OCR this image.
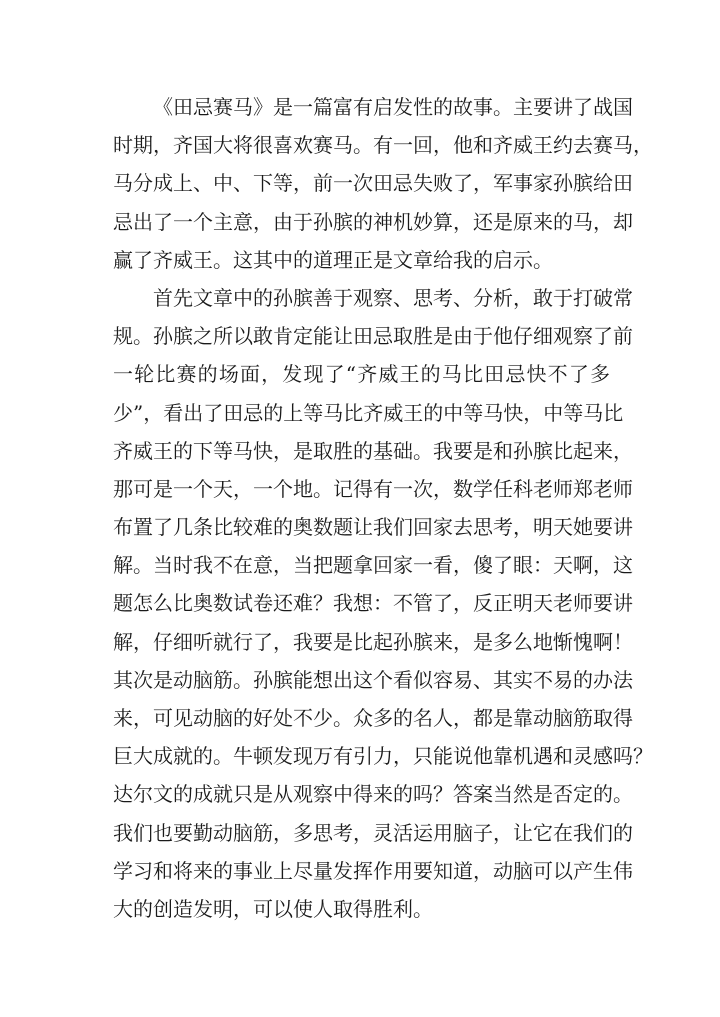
《田忌赛马》是一篇富有启发性的故事。主要讲了战国
时期，齐国大将很喜欢赛马。有一回，他和齐威王约去赛马，
马分成上、中、下等，前一次田忌失败了，军事家孙膑给田
忌出了一个主意，由于孙膑的神机妙算，还是原来的马，却
赢了齐威王。这其中的道理正是文章给我的启示。
首先文章中的孙膑善于观察、思考、分析，敢于打破常
规。孙膑之所以敢肯定能让田忌取胜是由于他仔细观察了前
一轮比赛的场面，发现了“齐威王的马比田忌快不了多
少”，看出了田忌的上等马比齐威王的中等马快，中等马比
齐威王的下等马快，是取胜的基础。我要是和孙膑比起来，
那可是一个天，一个地。记得有一次，数学任科老师郑老师
布置了几条比较难的奥数题让我们回家去思考，明天她要讲
解。当时我不在意，当把题拿回家一看，傻了眼：天啊，这
题怎么比奥数试卷还难？我想：不管了，反正明天老师要讲
解，仔细听就行了，我要是比起孙膑来，是多么地惭愧啊！
其次是动脑筋。孙膑能想出这个看似容易、其实不易的办法
来，可见动脑的好处不少。众多的名人，都是靠动脑筋取得
巨大成就的。牛顿发现万有引力，只能说他靠机遇和灵感吗？
达尔文的成就只是从观察中得来的吗？答案当然是否定的。
我们也要勤动脑筋，多思考，灵活运用脑子，让它在我们的
学习和将来的事业上尽量发挥作用要知道，动脑可以产生伟
大的创造发明，可以使人取得胜利。
